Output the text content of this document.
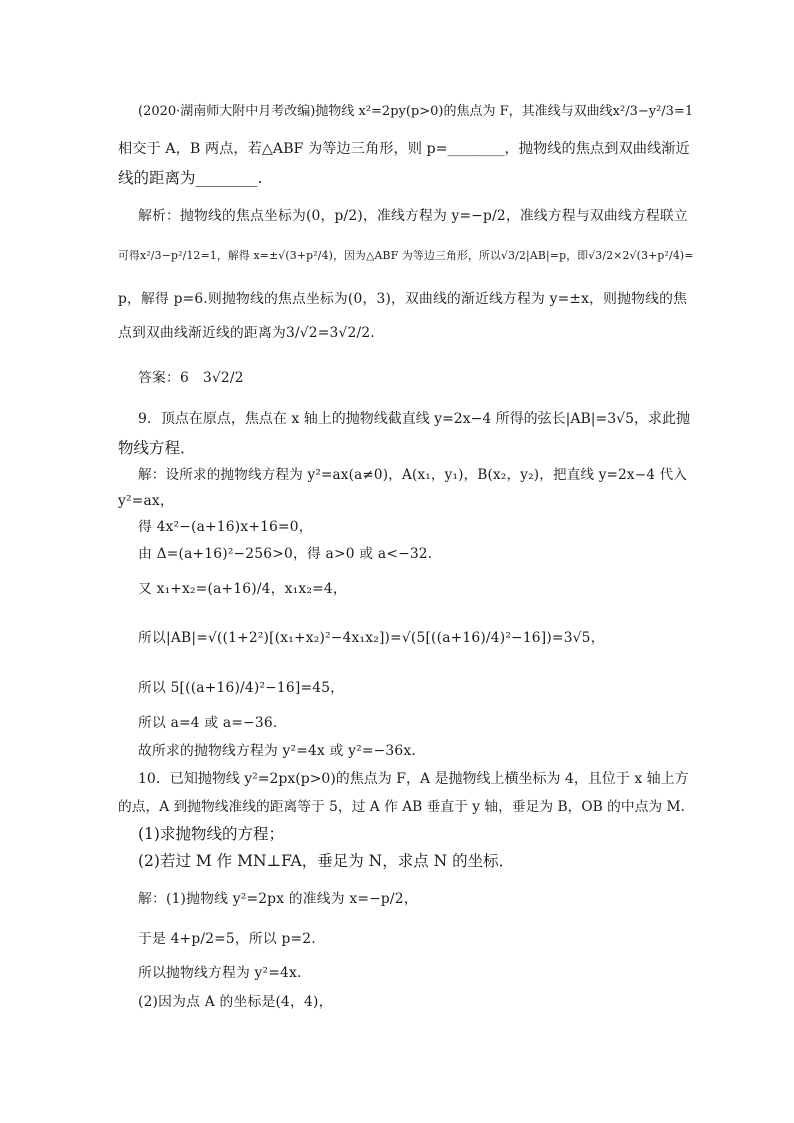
(2020·湖南师大附中月考改编)抛物线 x²=2py(p>0)的焦点为 F，其准线与双曲线x²/3−y²/3=1
相交于 A，B 两点，若△ABF 为等边三角形，则 p=________，抛物线的焦点到双曲线渐近
线的距离为________.
解析：抛物线的焦点坐标为(0，p/2)，准线方程为 y=−p/2，准线方程与双曲线方程联立
可得x²/3−p²/12=1，解得 x=±√(3+p²/4)，因为△ABF 为等边三角形，所以√3/2|AB|=p，即√3/2×2√(3+p²/4)=
p，解得 p=6.则抛物线的焦点坐标为(0，3)，双曲线的渐近线方程为 y=±x，则抛物线的焦
点到双曲线渐近线的距离为3/√2=3√2/2.
答案：6　3√2/2
9．顶点在原点，焦点在 x 轴上的抛物线截直线 y=2x−4 所得的弦长|AB|=3√5，求此抛
物线方程．
解：设所求的抛物线方程为 y²=ax(a≠0)，A(x₁，y₁)，B(x₂，y₂)，把直线 y=2x−4 代入
y²=ax，
得 4x²−(a+16)x+16=0，
由 Δ=(a+16)²−256>0，得 a>0 或 a<−32.
又 x₁+x₂=(a+16)/4，x₁x₂=4，
所以|AB|=√((1+2²)[(x₁+x₂)²−4x₁x₂])=√(5[((a+16)/4)²−16])=3√5，
所以 5[((a+16)/4)²−16]=45，
所以 a=4 或 a=−36.
故所求的抛物线方程为 y²=4x 或 y²=−36x.
10．已知抛物线 y²=2px(p>0)的焦点为 F，A 是抛物线上横坐标为 4，且位于 x 轴上方
的点，A 到抛物线准线的距离等于 5，过 A 作 AB 垂直于 y 轴，垂足为 B，OB 的中点为 M.
(1)求抛物线的方程；
(2)若过 M 作 MN⊥FA，垂足为 N，求点 N 的坐标．
解：(1)抛物线 y²=2px 的准线为 x=−p/2，
于是 4+p/2=5，所以 p=2.
所以抛物线方程为 y²=4x.
(2)因为点 A 的坐标是(4，4)，
